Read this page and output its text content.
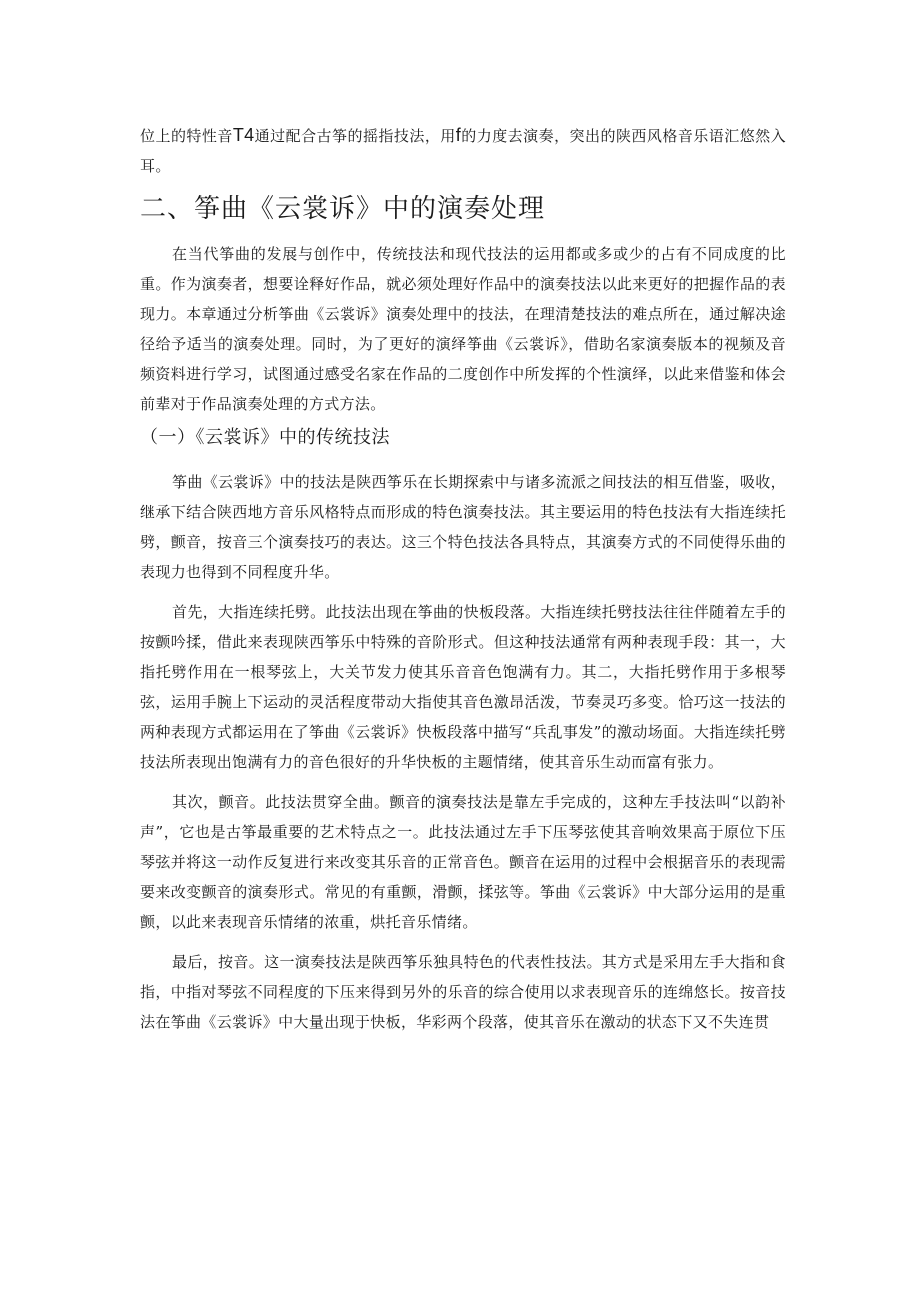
位上的特性音T4通过配合古筝的摇指技法，用f的力度去演奏，突出的陕西风格音乐语汇悠然入耳。

二、筝曲《云裳诉》中的演奏处理

在当代筝曲的发展与创作中，传统技法和现代技法的运用都或多或少的占有不同成度的比重。作为演奏者，想要诠释好作品，就必须处理好作品中的演奏技法以此来更好的把握作品的表现力。本章通过分析筝曲《云裳诉》演奏处理中的技法，在理清楚技法的难点所在，通过解决途径给予适当的演奏处理。同时，为了更好的演绎筝曲《云裳诉》，借助名家演奏版本的视频及音频资料进行学习，试图通过感受名家在作品的二度创作中所发挥的个性演绎，以此来借鉴和体会前辈对于作品演奏处理的方式方法。

（一）《云裳诉》中的传统技法

筝曲《云裳诉》中的技法是陕西筝乐在长期探索中与诸多流派之间技法的相互借鉴，吸收，继承下结合陕西地方音乐风格特点而形成的特色演奏技法。其主要运用的特色技法有大指连续托劈，颤音，按音三个演奏技巧的表达。这三个特色技法各具特点，其演奏方式的不同使得乐曲的表现力也得到不同程度升华。

首先，大指连续托劈。此技法出现在筝曲的快板段落。大指连续托劈技法往往伴随着左手的按颤吟揉，借此来表现陕西筝乐中特殊的音阶形式。但这种技法通常有两种表现手段：其一，大指托劈作用在一根琴弦上，大关节发力使其乐音音色饱满有力。其二，大指托劈作用于多根琴弦，运用手腕上下运动的灵活程度带动大指使其音色激昂活泼，节奏灵巧多变。恰巧这一技法的两种表现方式都运用在了筝曲《云裳诉》快板段落中描写“兵乱事发”的激动场面。大指连续托劈技法所表现出饱满有力的音色很好的升华快板的主题情绪，使其音乐生动而富有张力。

其次，颤音。此技法贯穿全曲。颤音的演奏技法是靠左手完成的，这种左手技法叫“以韵补声”，它也是古筝最重要的艺术特点之一。此技法通过左手下压琴弦使其音响效果高于原位下压琴弦并将这一动作反复进行来改变其乐音的正常音色。颤音在运用的过程中会根据音乐的表现需要来改变颤音的演奏形式。常见的有重颤，滑颤，揉弦等。筝曲《云裳诉》中大部分运用的是重颤，以此来表现音乐情绪的浓重，烘托音乐情绪。

最后，按音。这一演奏技法是陕西筝乐独具特色的代表性技法。其方式是采用左手大指和食指，中指对琴弦不同程度的下压来得到另外的乐音的综合使用以求表现音乐的连绵悠长。按音技法在筝曲《云裳诉》中大量出现于快板，华彩两个段落，使其音乐在激动的状态下又不失连贯
